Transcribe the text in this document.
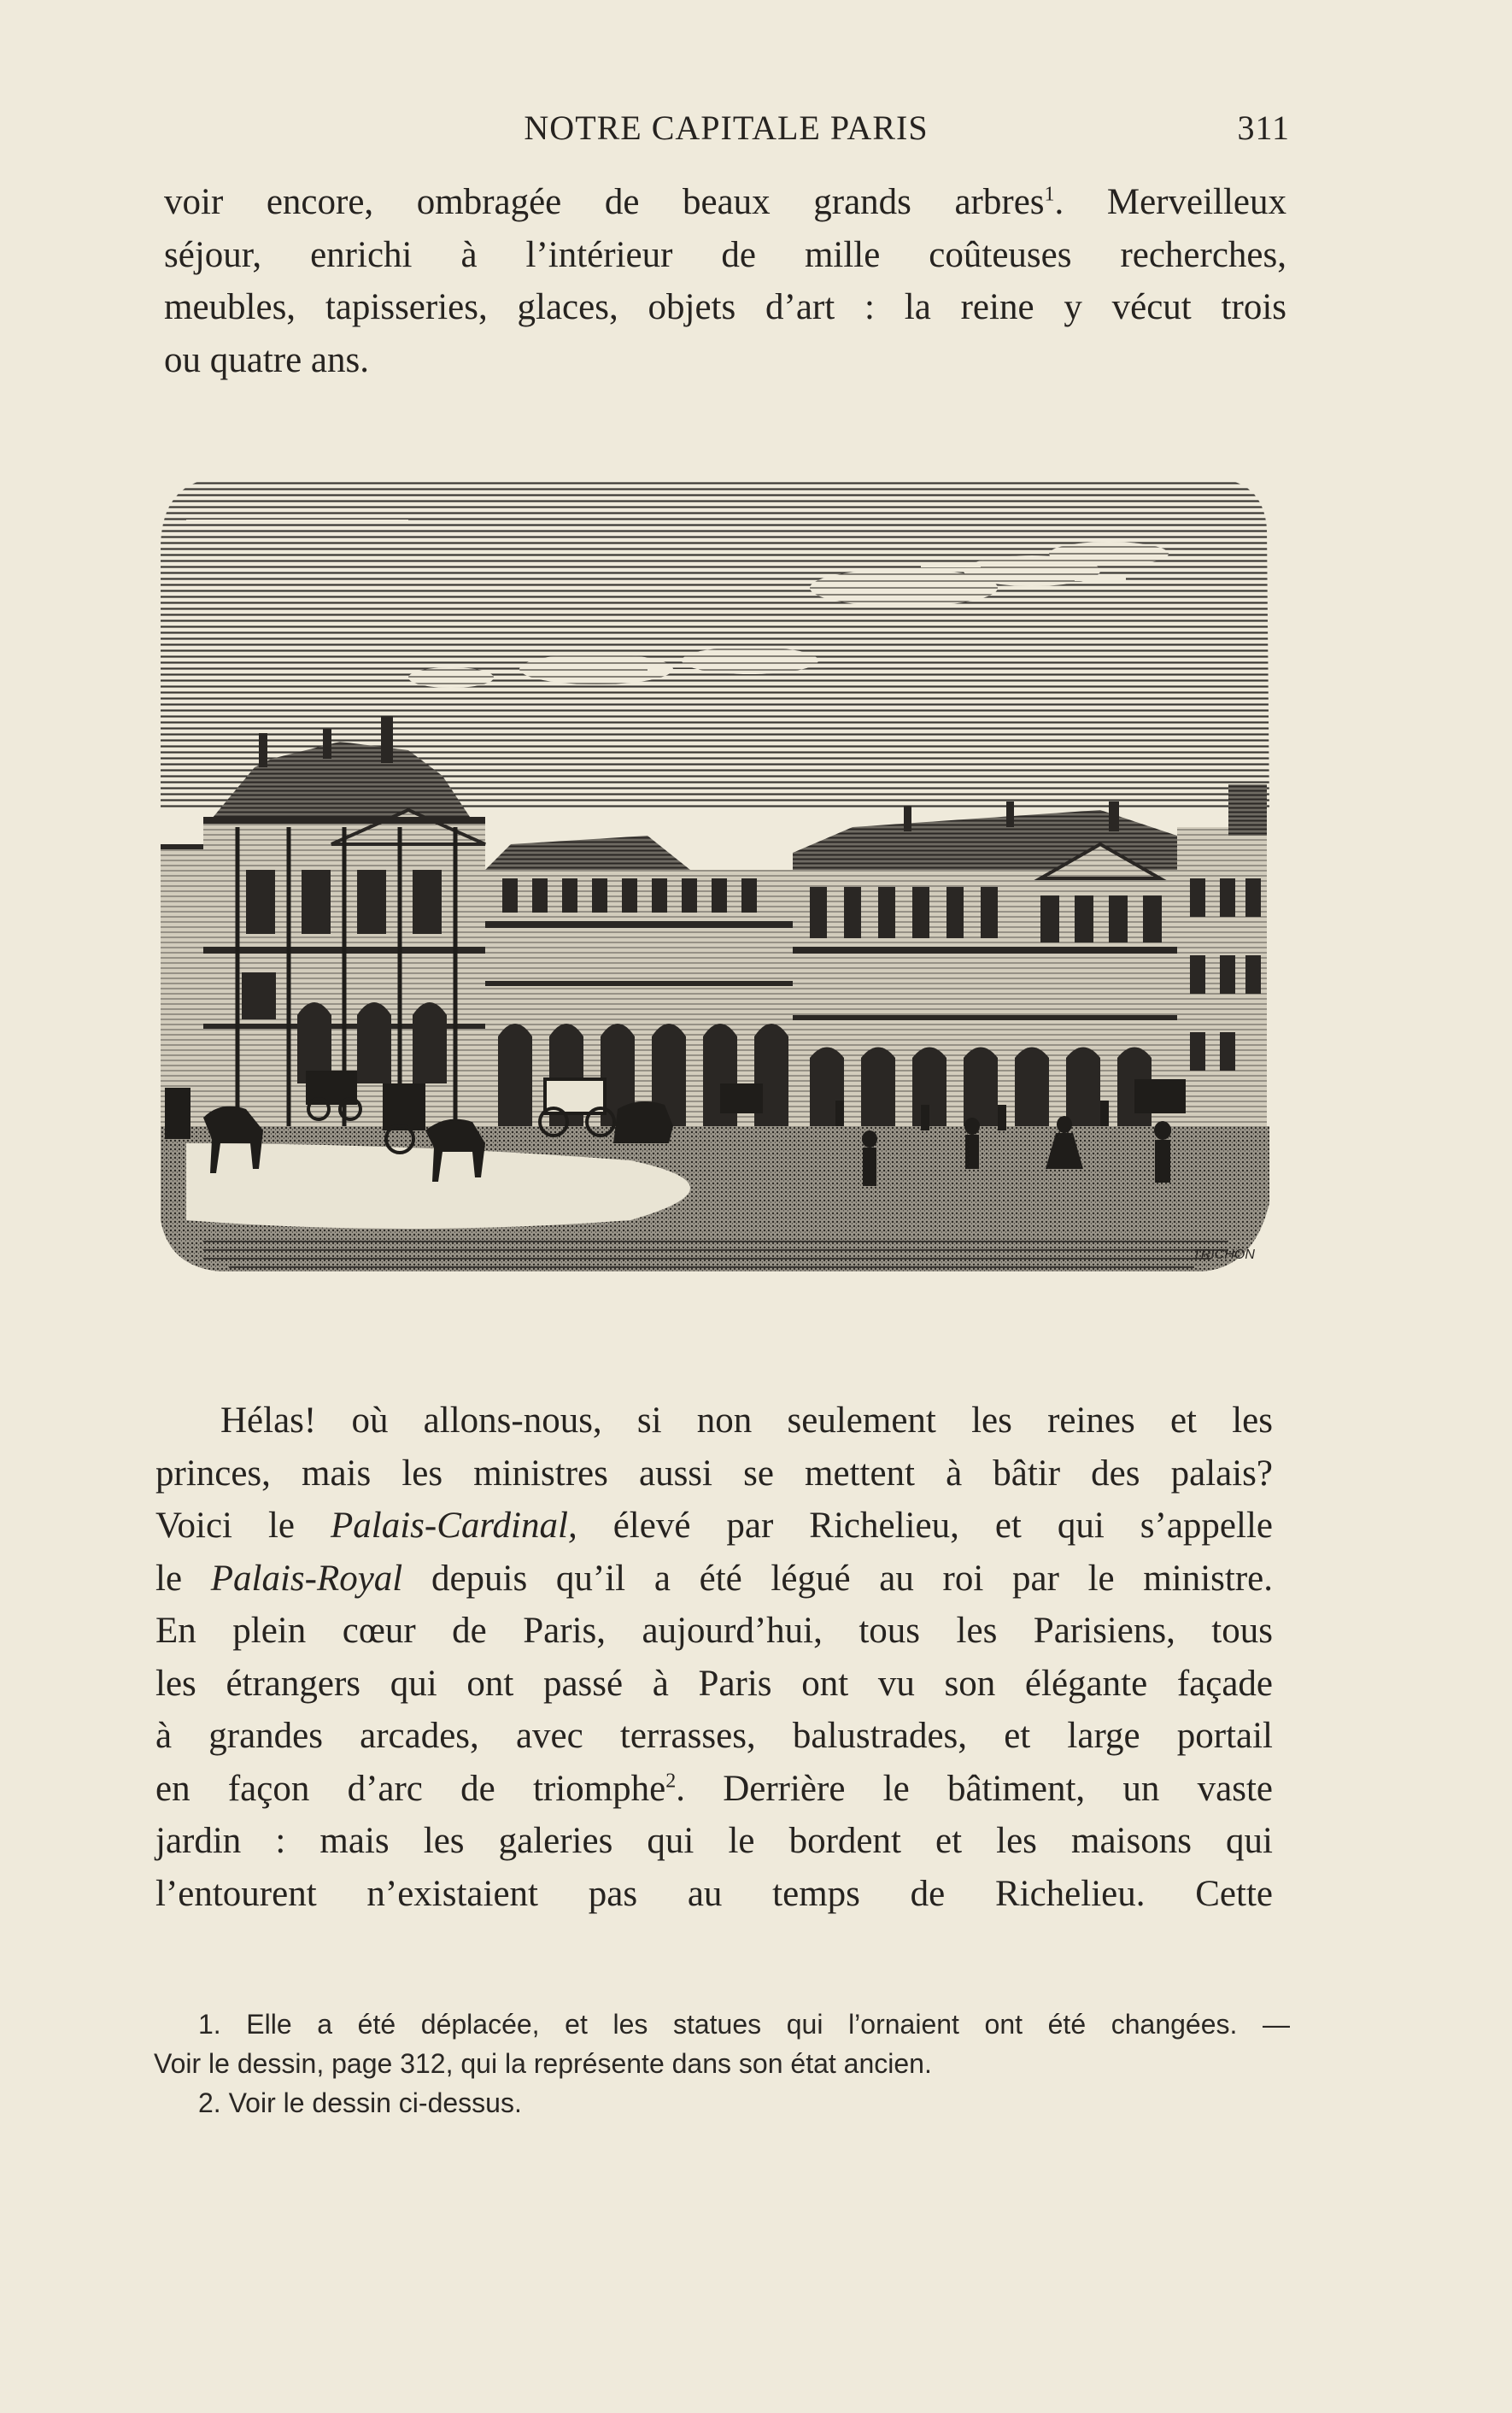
NOTRE CAPITALE PARIS	311

voir encore, ombragée de beaux grands arbres$^1$. Merveilleux
séjour, enrichi à l’intérieur de mille coûteuses recherches,
meubles, tapisseries, glaces, objets d’art : la reine y vécut trois
ou quatre ans.

TRICHON

Hélas! où allons-nous, si non seulement les reines et les
princes, mais les ministres aussi se mettent à bâtir des palais?
Voici le Palais-Cardinal, élevé par Richelieu, et qui s’appelle
le Palais-Royal depuis qu’il a été légué au roi par le ministre.
En plein cœur de Paris, aujourd’hui, tous les Parisiens, tous
les étrangers qui ont passé à Paris ont vu son élégante façade
à grandes arcades, avec terrasses, balustrades, et large portail
en façon d’arc de triomphe$^2$. Derrière le bâtiment, un vaste
jardin : mais les galeries qui le bordent et les maisons qui
l’entourent n’existaient pas au temps de Richelieu. Cette

1. Elle a été déplacée, et les statues qui l’ornaient ont été changées. —
Voir le dessin, page 312, qui la représente dans son état ancien.
2. Voir le dessin ci-dessus.
